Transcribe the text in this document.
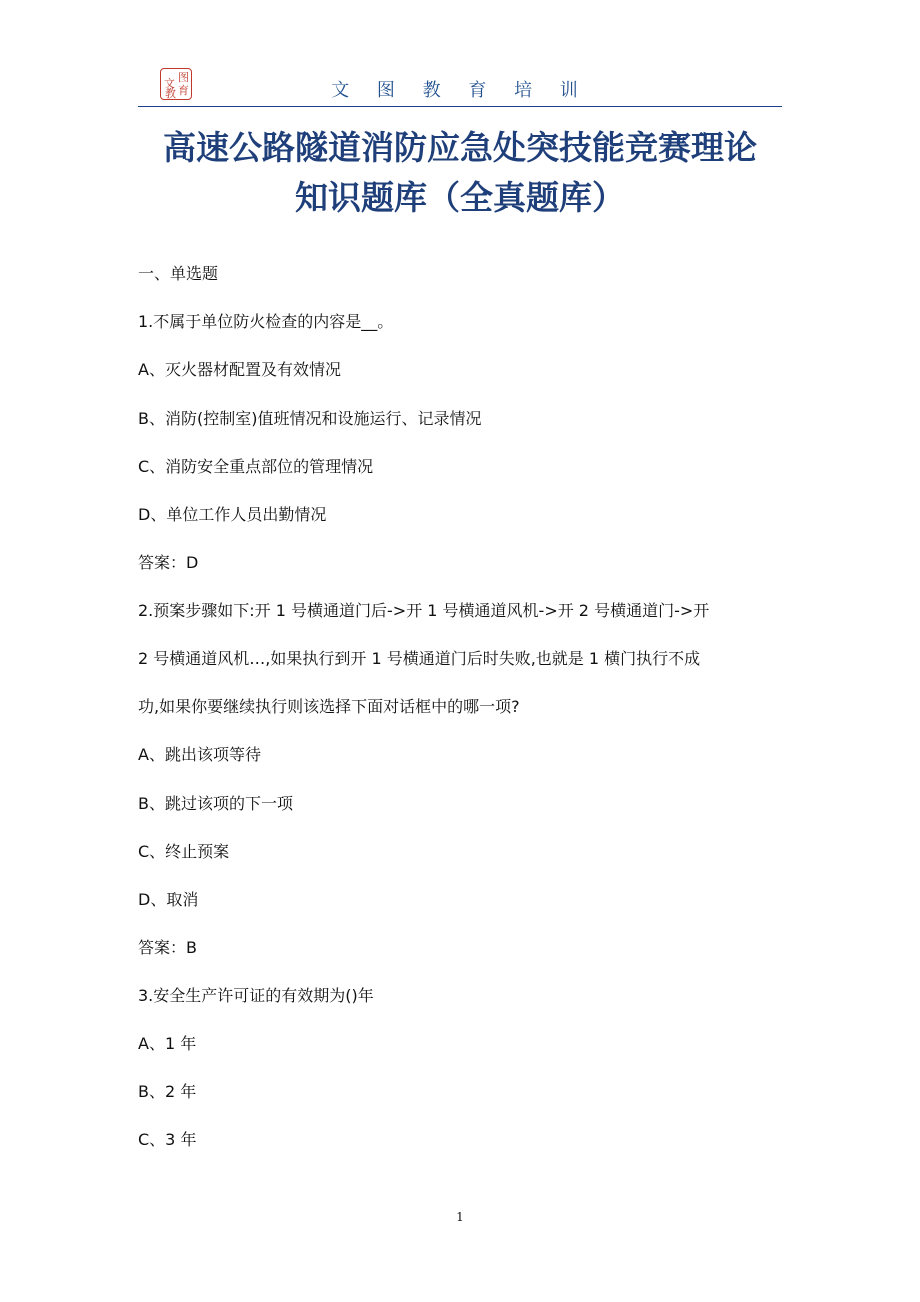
图
文
教 育	文 图 教 育 培 训
高速公路隧道消防应急处突技能竞赛理论
知识题库（全真题库）
一、单选题
1.不属于单位防火检查的内容是__。
A、灭火器材配置及有效情况
B、消防(控制室)值班情况和设施运行、记录情况
C、消防安全重点部位的管理情况
D、单位工作人员出勤情况
答案：D
2.预案步骤如下:开 1 号横通道门后->开 1 号横通道风机->开 2 号横通道门->开
2 号横通道风机…,如果执行到开 1 号横通道门后时失败,也就是 1 横门执行不成
功,如果你要继续执行则该选择下面对话框中的哪一项?
A、跳出该项等待
B、跳过该项的下一项
C、终止预案
D、取消
答案：B
3.安全生产许可证的有效期为()年
A、1 年
B、2 年
C、3 年
1
